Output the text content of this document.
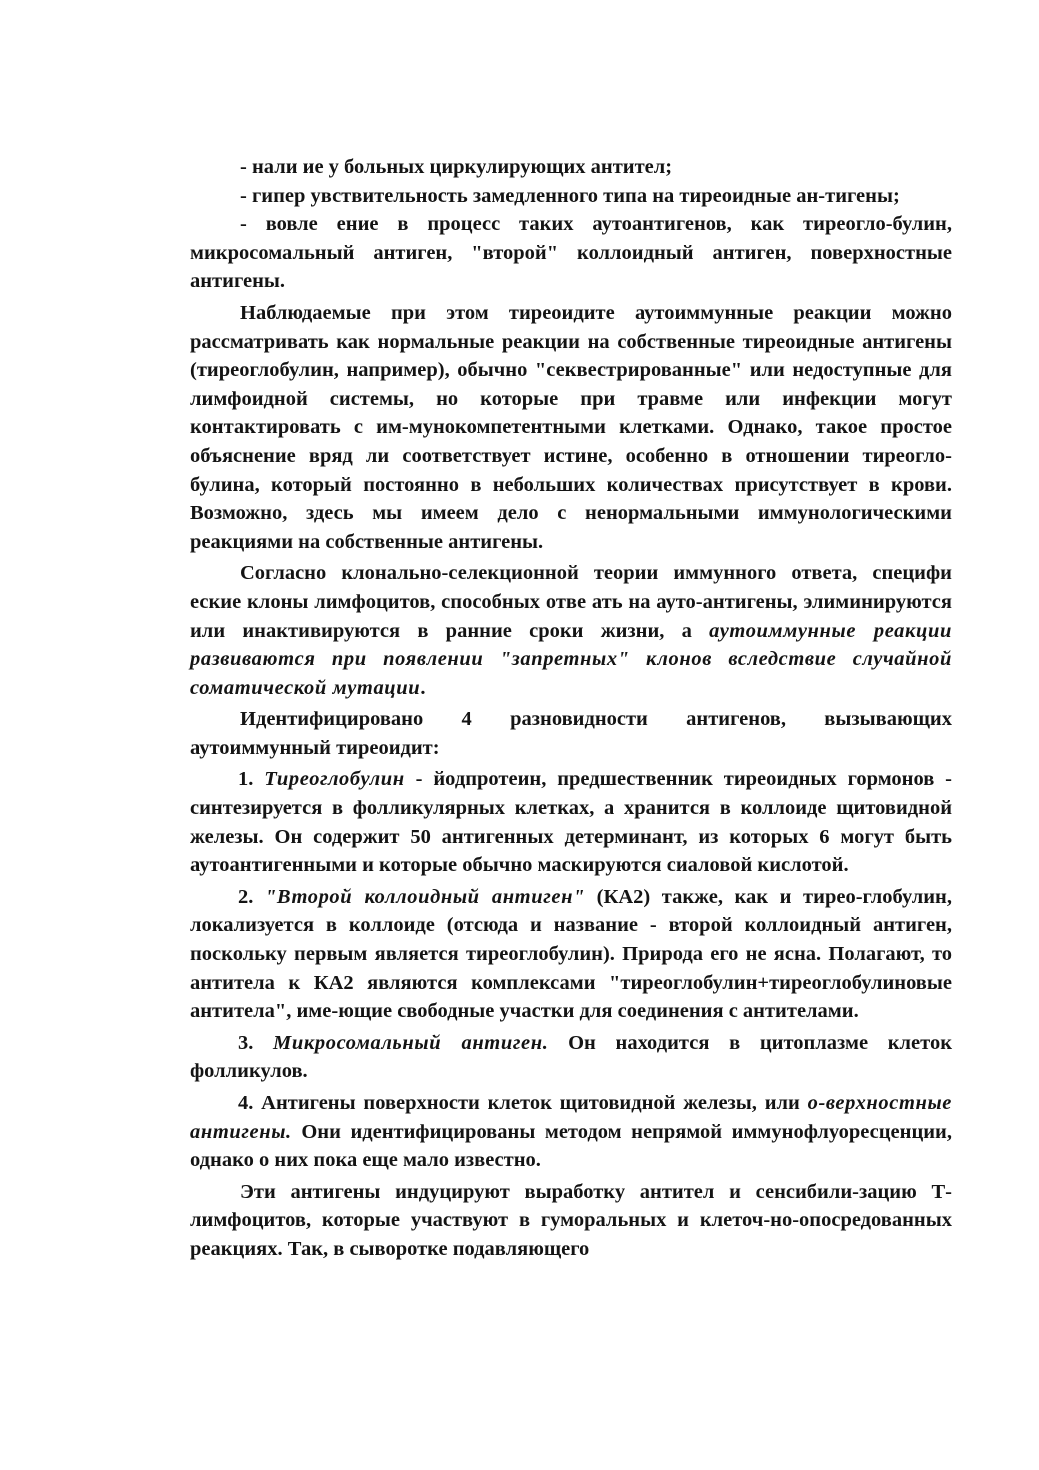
- нали ие у больных циркулирующих антител;

- гипер увствительность замедленного типа на тиреоидные ан-тигены;

- вовле ение в процесс таких аутоантигенов, как тиреогло-булин, микросомальный антиген, "второй" коллоидный антиген, поверхностные антигены.

Наблюдаемые при этом тиреоидите аутоиммунные реакции можно рассматривать как нормальные реакции на собственные тиреоидные антигены (тиреоглобулин, например), обычно "секвестрированные" или недоступные для лимфоидной системы, но которые при травме или инфекции могут контактировать с им-мунокомпетентными клетками. Однако, такое простое объяснение вряд ли соответствует истине, особенно в отношении тиреогло-булина, который постоянно в небольших количествах присутствует в крови. Возможно, здесь мы имеем дело с ненормальными иммунологическими реакциями на собственные антигены.

Согласно клонально-селекционной теории иммунного ответа, специфи еские клоны лимфоцитов, способных отве ать на ауто-антигены, элиминируются или инактивируются в ранние сроки жизни, а аутоиммунные реакции развиваются при появлении "запретных" клонов вследствие случайной соматической мутации.

Идентифицировано 4 разновидности антигенов, вызывающих аутоиммунный тиреоидит:

1. Тиреоглобулин - йодпротеин, предшественник тиреоидных гормонов - синтезируется в фолликулярных клетках, а хранится в коллоиде щитовидной железы. Он содержит 50 антигенных детерминант, из которых 6 могут быть аутоантигенными и которые обычно маскируются сиаловой кислотой.

2. "Второй коллоидный антиген" (КА2) также, как и тирео-глобулин, локализуется в коллоиде (отсюда и название - второй коллоидный антиген, поскольку первым является тиреоглобулин). Природа его не ясна. Полагают, то антитела к КА2 являются комплексами "тиреоглобулин+тиреоглобулиновые антитела", име-ющие свободные участки для соединения с антителами.

3. Микросомальный антиген. Он находится в цитоплазме клеток фолликулов.

4. Антигены поверхности клеток щитовидной железы, или о-верхностные антигены. Они идентифицированы методом непрямой иммунофлуоресценции, однако о них пока еще мало известно.

Эти антигены индуцируют выработку антител и сенсибили-зацию Т-лимфоцитов, которые участвуют в гуморальных и клеточ-но-опосредованных реакциях. Так, в сыворотке подавляющего
